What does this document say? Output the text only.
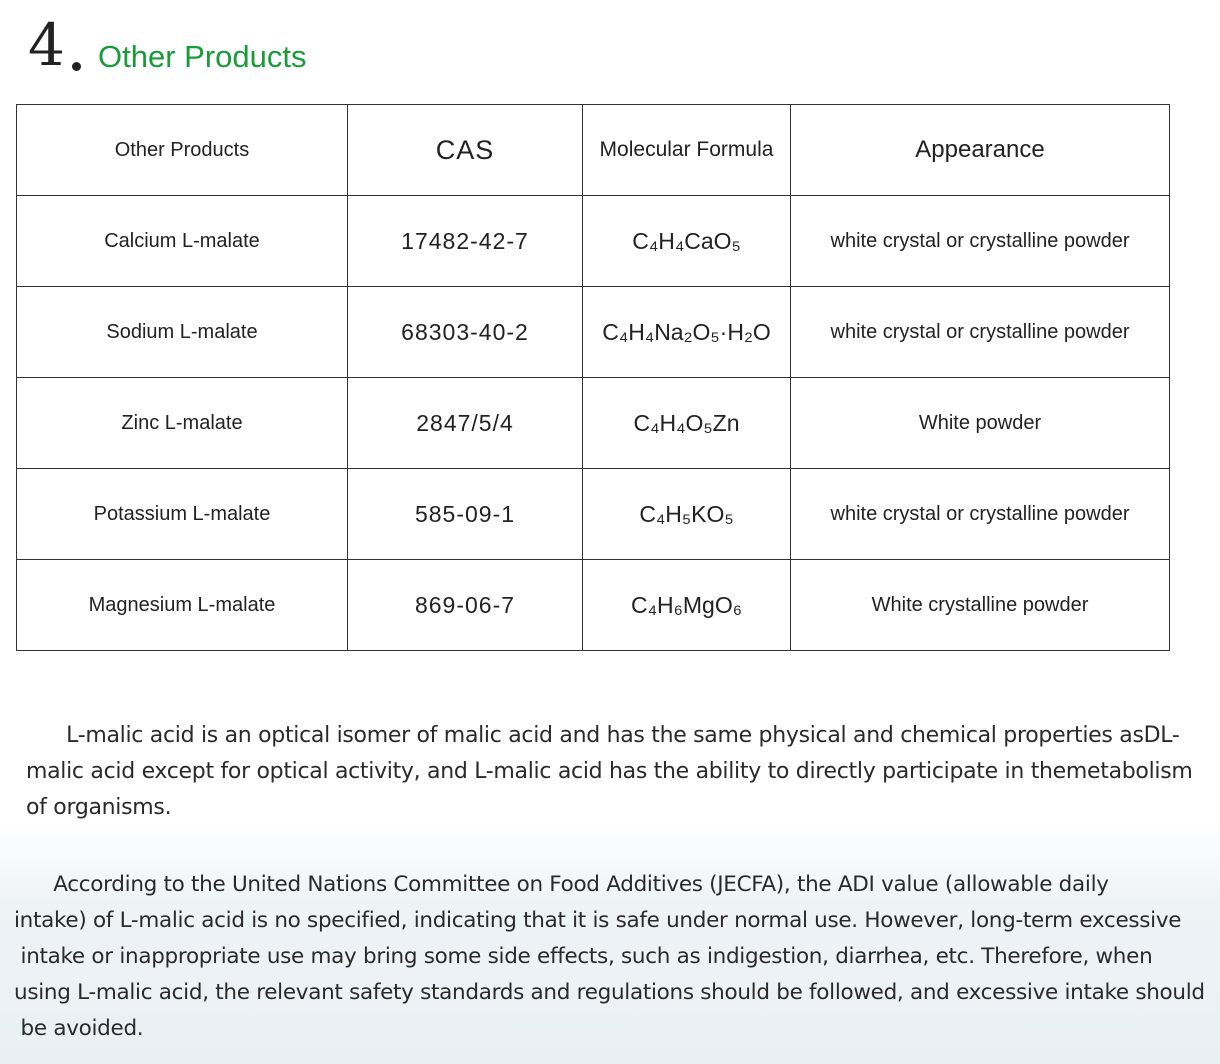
4 Other Products
Other Products	CAS	Molecular Formula	Appearance
Calcium L-malate	17482-42-7	C₄H₄CaO₅	white crystal or crystalline powder
Sodium L-malate	68303-40-2	C₄H₄Na₂O₅·H₂O	white crystal or crystalline powder
Zinc L-malate	2847/5/4	C₄H₄O₅Zn	White powder
Potassium L-malate	585-09-1	C₄H₅KO₅	white crystal or crystalline powder
Magnesium L-malate	869-06-7	C₄H₆MgO₆	White crystalline powder

L-malic acid is an optical isomer of malic acid and has the same physical and chemical properties asDL-
malic acid except for optical activity, and L-malic acid has the ability to directly participate in themetabolism
of organisms.

According to the United Nations Committee on Food Additives (JECFA), the ADI value (allowable daily
intake) of L-malic acid is no specified, indicating that it is safe under normal use. However, long-term excessive
intake or inappropriate use may bring some side effects, such as indigestion, diarrhea, etc. Therefore, when
using L-malic acid, the relevant safety standards and regulations should be followed, and excessive intake should
be avoided.
